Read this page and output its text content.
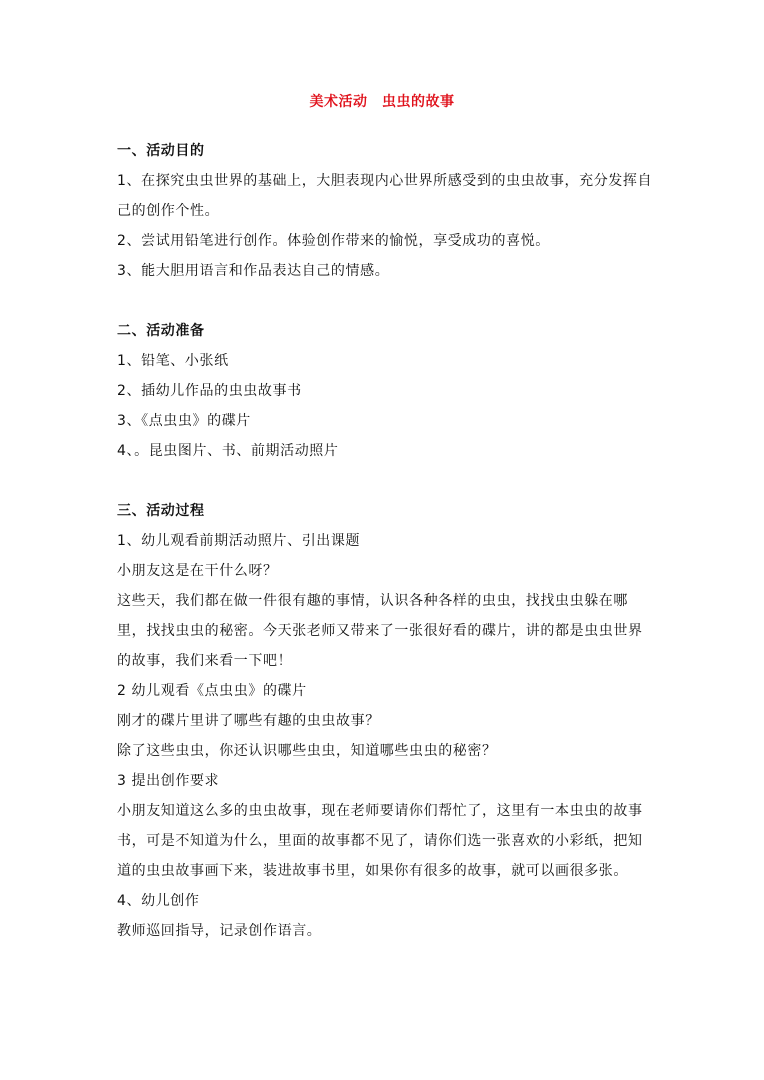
美术活动　虫虫的故事

一、活动目的

1、在探究虫虫世界的基础上，大胆表现内心世界所感受到的虫虫故事，充分发挥自己的创作个性。

2、尝试用铅笔进行创作。体验创作带来的愉悦，享受成功的喜悦。

3、能大胆用语言和作品表达自己的情感。

二、活动准备

1、铅笔、小张纸

2、插幼儿作品的虫虫故事书

3、《点虫虫》的碟片

4、。昆虫图片、书、前期活动照片

三、活动过程

1、幼儿观看前期活动照片、引出课题

小朋友这是在干什么呀？

这些天，我们都在做一件很有趣的事情，认识各种各样的虫虫，找找虫虫躲在哪里，找找虫虫的秘密。今天张老师又带来了一张很好看的碟片，讲的都是虫虫世界的故事，我们来看一下吧！

2 幼儿观看《点虫虫》的碟片

刚才的碟片里讲了哪些有趣的虫虫故事？

除了这些虫虫，你还认识哪些虫虫，知道哪些虫虫的秘密？

3 提出创作要求

小朋友知道这么多的虫虫故事，现在老师要请你们帮忙了，这里有一本虫虫的故事书，可是不知道为什么，里面的故事都不见了，请你们选一张喜欢的小彩纸，把知道的虫虫故事画下来，装进故事书里，如果你有很多的故事，就可以画很多张。

4、幼儿创作

教师巡回指导，记录创作语言。
